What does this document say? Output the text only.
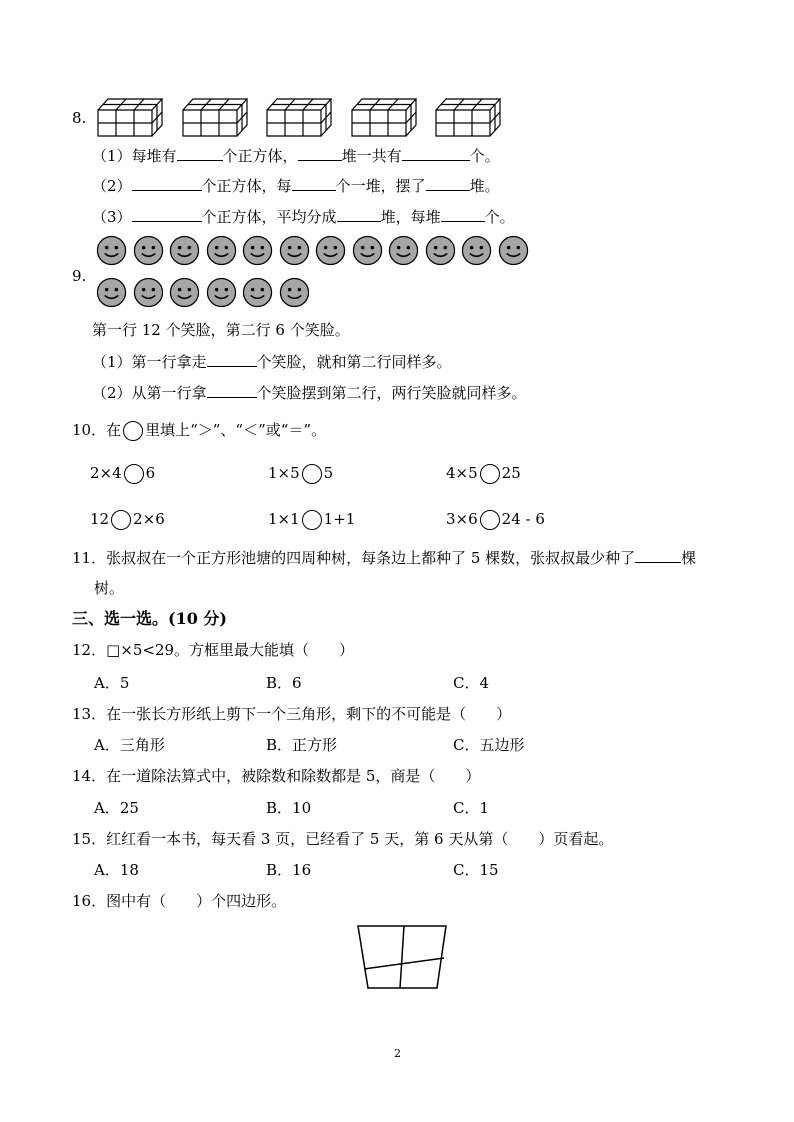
8.
（1）每堆有	个正方体，	堆一共有	个。
（2）	个正方体，每	个一堆，摆了	堆。
（3）	个正方体，平均分成	堆，每堆	个。
9.
第一行 12 个笑脸，第二行 6 个笑脸。
（1）第一行拿走	个笑脸，就和第二行同样多。
（2）从第一行拿	个笑脸摆到第二行，两行笑脸就同样多。
10．在 里填上“＞”、“＜”或“＝”。
2×4 6	1×5 5	4×5 25
12 2×6	1×1 1+1	3×6 24 - 6
11．张叔叔在一个正方形池塘的四周种树，每条边上都种了 5 棵数，张叔叔最少种了	棵
树。
三、选一选。(10 分)
12．□×5<29。方框里最大能填（　　）
A．5	B．6	C．4
13．在一张长方形纸上剪下一个三角形，剩下的不可能是（　　）
A．三角形	B．正方形	C．五边形
14．在一道除法算式中，被除数和除数都是 5，商是（　　）
A．25	B．10	C．1
15．红红看一本书，每天看 3 页，已经看了 5 天，第 6 天从第（　　）页看起。
A．18	B．16	C．15
16．图中有（　　）个四边形。
2
